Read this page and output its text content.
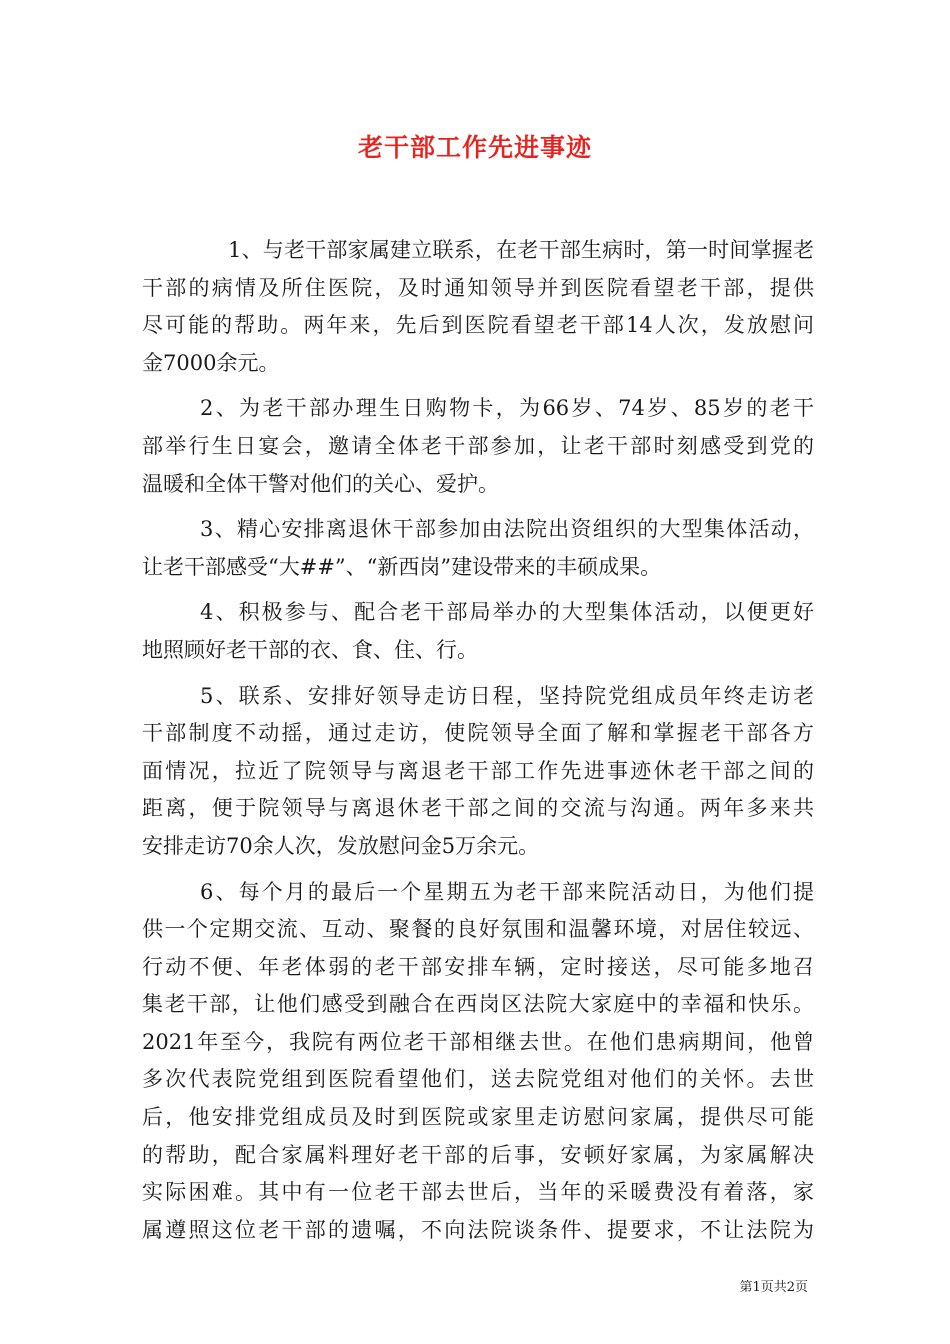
老干部工作先进事迹
1、与老干部家属建立联系，在老干部生病时，第一时间掌握老
干部的病情及所住医院，及时通知领导并到医院看望老干部，提供
尽可能的帮助。两年来，先后到医院看望老干部14人次，发放慰问
金7000余元。
2、为老干部办理生日购物卡，为66岁、74岁、85岁的老干
部举行生日宴会，邀请全体老干部参加，让老干部时刻感受到党的
温暖和全体干警对他们的关心、爱护。
3、精心安排离退休干部参加由法院出资组织的大型集体活动，
让老干部感受“大##”、“新西岗”建设带来的丰硕成果。
4、积极参与、配合老干部局举办的大型集体活动，以便更好
地照顾好老干部的衣、食、住、行。
5、联系、安排好领导走访日程，坚持院党组成员年终走访老
干部制度不动摇，通过走访，使院领导全面了解和掌握老干部各方
面情况，拉近了院领导与离退老干部工作先进事迹休老干部之间的
距离，便于院领导与离退休老干部之间的交流与沟通。两年多来共
安排走访70余人次，发放慰问金5万余元。
6、每个月的最后一个星期五为老干部来院活动日，为他们提
供一个定期交流、互动、聚餐的良好氛围和温馨环境，对居住较远、
行动不便、年老体弱的老干部安排车辆，定时接送，尽可能多地召
集老干部，让他们感受到融合在西岗区法院大家庭中的幸福和快乐。
2021年至今，我院有两位老干部相继去世。在他们患病期间，他曾
多次代表院党组到医院看望他们，送去院党组对他们的关怀。去世
后，他安排党组成员及时到医院或家里走访慰问家属，提供尽可能
的帮助，配合家属料理好老干部的后事，安顿好家属，为家属解决
实际困难。其中有一位老干部去世后，当年的采暖费没有着落，家
属遵照这位老干部的遗嘱，不向法院谈条件、提要求，不让法院为
第1页共2页
